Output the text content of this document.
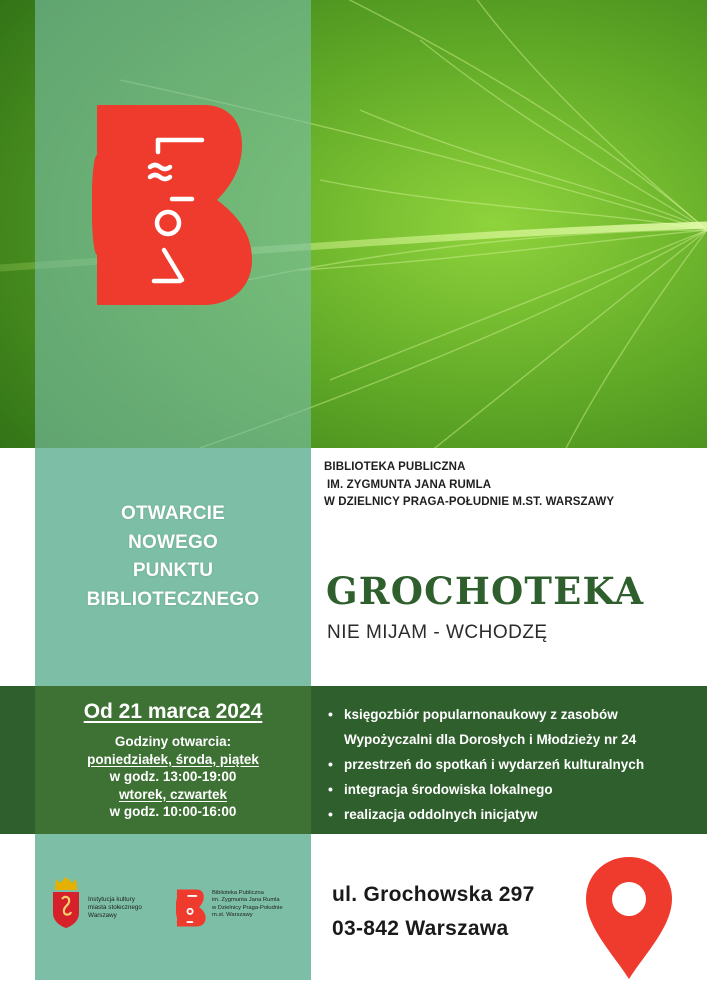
OTWARCIE
NOWEGO
PUNKTU
BIBLIOTECZNEGO
BIBLIOTEKA PUBLICZNA
IM. ZYGMUNTA JANA RUMLA
W DZIELNICY PRAGA-POŁUDNIE M.ST. WARSZAWY
GROCHOTEKA
NIE MIJAM - WCHODZĘ
Od 21 marca 2024
Godziny otwarcia:
poniedziałek, środa, piątek
w godz. 13:00-19:00
wtorek, czwartek
w godz. 10:00-16:00
• księgozbiór popularnonaukowy z zasobów
Wypożyczalni dla Dorosłych i Młodzieży nr 24
• przestrzeń do spotkań i wydarzeń kulturalnych
• integracja środowiska lokalnego
• realizacja oddolnych inicjatyw
Instytucja kultury
miasta stołecznego
Warszawy
Biblioteka Publiczna
im. Zygmunta Jana Rumla
w Dzielnicy Praga-Południe
m.st. Warszawy
ul. Grochowska 297
03-842 Warszawa
